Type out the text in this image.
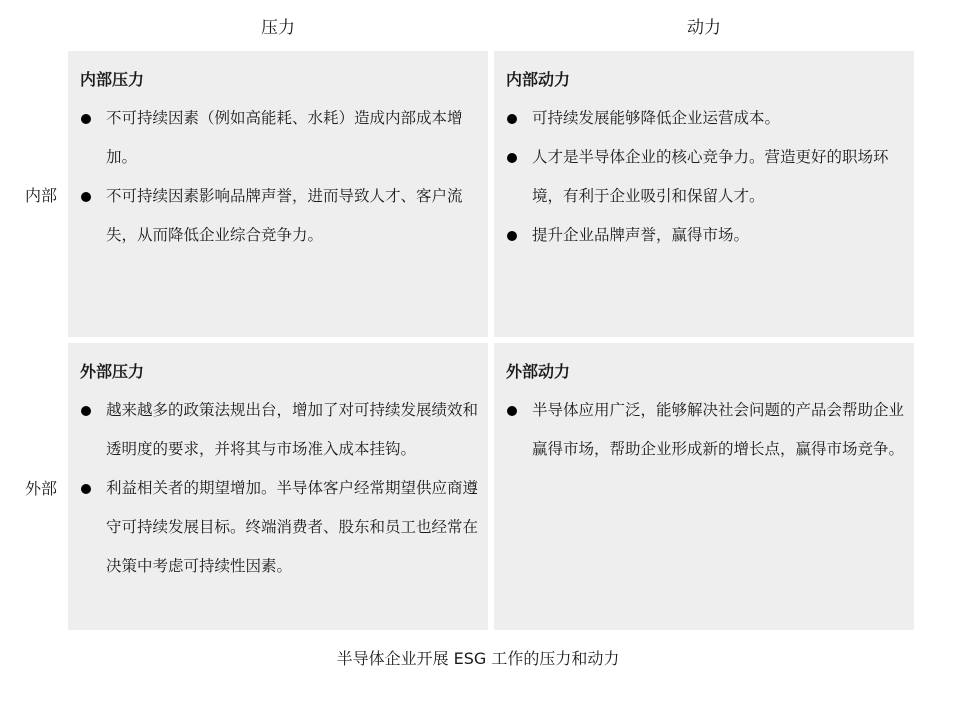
压力	动力
内部
外部
内部压力
不可持续因素（例如高能耗、水耗）造成内部成本增加。
不可持续因素影响品牌声誉，进而导致人才、客户流失，从而降低企业综合竞争力。
内部动力
可持续发展能够降低企业运营成本。
人才是半导体企业的核心竞争力。营造更好的职场环境，有利于企业吸引和保留人才。
提升企业品牌声誉，赢得市场。
外部压力
越来越多的政策法规出台，增加了对可持续发展绩效和透明度的要求，并将其与市场准入成本挂钩。
利益相关者的期望增加。半导体客户经常期望供应商遵守可持续发展目标。终端消费者、股东和员工也经常在决策中考虑可持续性因素。
外部动力
半导体应用广泛，能够解决社会问题的产品会帮助企业赢得市场，帮助企业形成新的增长点，赢得市场竞争。
半导体企业开展 ESG 工作的压力和动力
